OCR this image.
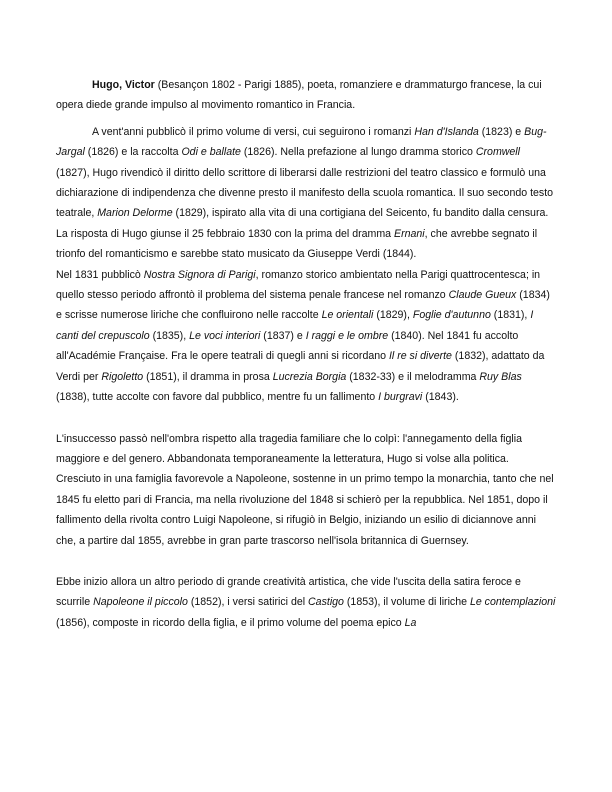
Hugo, Victor (Besançon 1802 - Parigi 1885), poeta, romanziere e drammaturgo francese, la cui opera diede grande impulso al movimento romantico in Francia.

A vent'anni pubblicò il primo volume di versi, cui seguirono i romanzi Han d'Islanda (1823) e Bug-Jargal (1826) e la raccolta Odi e ballate (1826). Nella prefazione al lungo dramma storico Cromwell (1827), Hugo rivendicò il diritto dello scrittore di liberarsi dalle restrizioni del teatro classico e formulò una dichiarazione di indipendenza che divenne presto il manifesto della scuola romantica. Il suo secondo testo teatrale, Marion Delorme (1829), ispirato alla vita di una cortigiana del Seicento, fu bandito dalla censura. La risposta di Hugo giunse il 25 febbraio 1830 con la prima del dramma Ernani, che avrebbe segnato il trionfo del romanticismo e sarebbe stato musicato da Giuseppe Verdi (1844).

Nel 1831 pubblicò Nostra Signora di Parigi, romanzo storico ambientato nella Parigi quattrocentesca; in quello stesso periodo affrontò il problema del sistema penale francese nel romanzo Claude Gueux (1834) e scrisse numerose liriche che confluirono nelle raccolte Le orientali (1829), Foglie d'autunno (1831), I canti del crepuscolo (1835), Le voci interiori (1837) e I raggi e le ombre (1840). Nel 1841 fu accolto all'Académie Française. Fra le opere teatrali di quegli anni si ricordano Il re si diverte (1832), adattato da Verdi per Rigoletto (1851), il dramma in prosa Lucrezia Borgia (1832-33) e il melodramma Ruy Blas (1838), tutte accolte con favore dal pubblico, mentre fu un fallimento I burgravi (1843).

L'insuccesso passò nell'ombra rispetto alla tragedia familiare che lo colpì: l'annegamento della figlia maggiore e del genero. Abbandonata temporaneamente la letteratura, Hugo si volse alla politica. Cresciuto in una famiglia favorevole a Napoleone, sostenne in un primo tempo la monarchia, tanto che nel 1845 fu eletto pari di Francia, ma nella rivoluzione del 1848 si schierò per la repubblica. Nel 1851, dopo il fallimento della rivolta contro Luigi Napoleone, si rifugiò in Belgio, iniziando un esilio di diciannove anni che, a partire dal 1855, avrebbe in gran parte trascorso nell'isola britannica di Guernsey.

Ebbe inizio allora un altro periodo di grande creatività artistica, che vide l'uscita della satira feroce e scurrile Napoleone il piccolo (1852), i versi satirici del Castigo (1853), il volume di liriche Le contemplazioni (1856), composte in ricordo della figlia, e il primo volume del poema epico La
